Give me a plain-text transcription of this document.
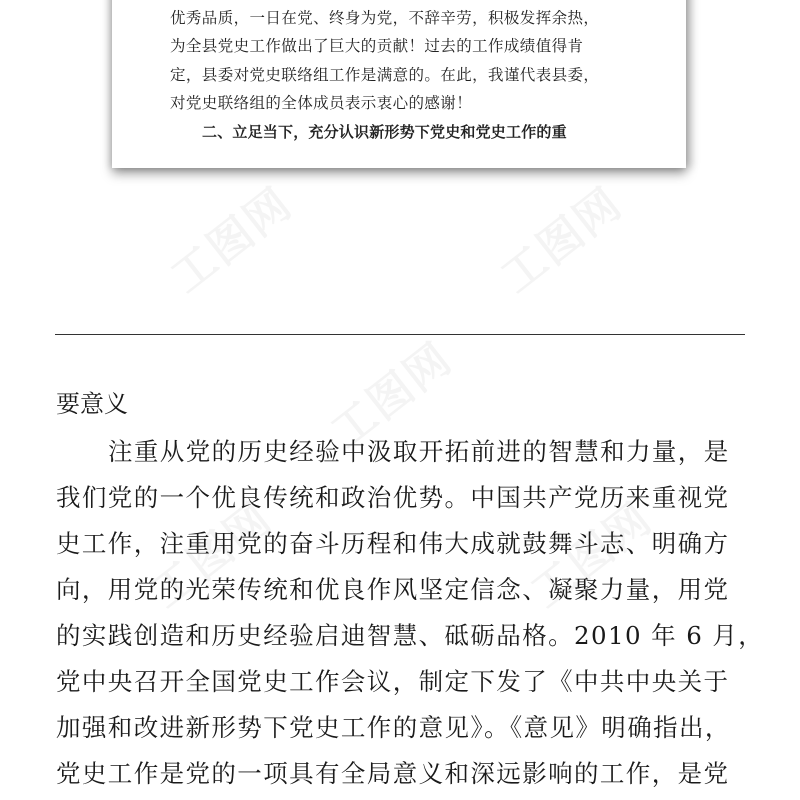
优秀品质，一日在党、终身为党，不辞辛劳，积极发挥余热，
为全县党史工作做出了巨大的贡献！过去的工作成绩值得肯
定，县委对党史联络组工作是满意的。在此，我谨代表县委，
对党史联络组的全体成员表示衷心的感谢！
二、立足当下，充分认识新形势下党史和党史工作的重
要意义
注重从党的历史经验中汲取开拓前进的智慧和力量，是
我们党的一个优良传统和政治优势。中国共产党历来重视党
史工作，注重用党的奋斗历程和伟大成就鼓舞斗志、明确方
向，用党的光荣传统和优良作风坚定信念、凝聚力量，用党
的实践创造和历史经验启迪智慧、砥砺品格。2010 年 6 月，
党中央召开全国党史工作会议，制定下发了《中共中央关于
加强和改进新形势下党史工作的意见》。《意见》明确指出，
党史工作是党的一项具有全局意义和深远影响的工作，是党
